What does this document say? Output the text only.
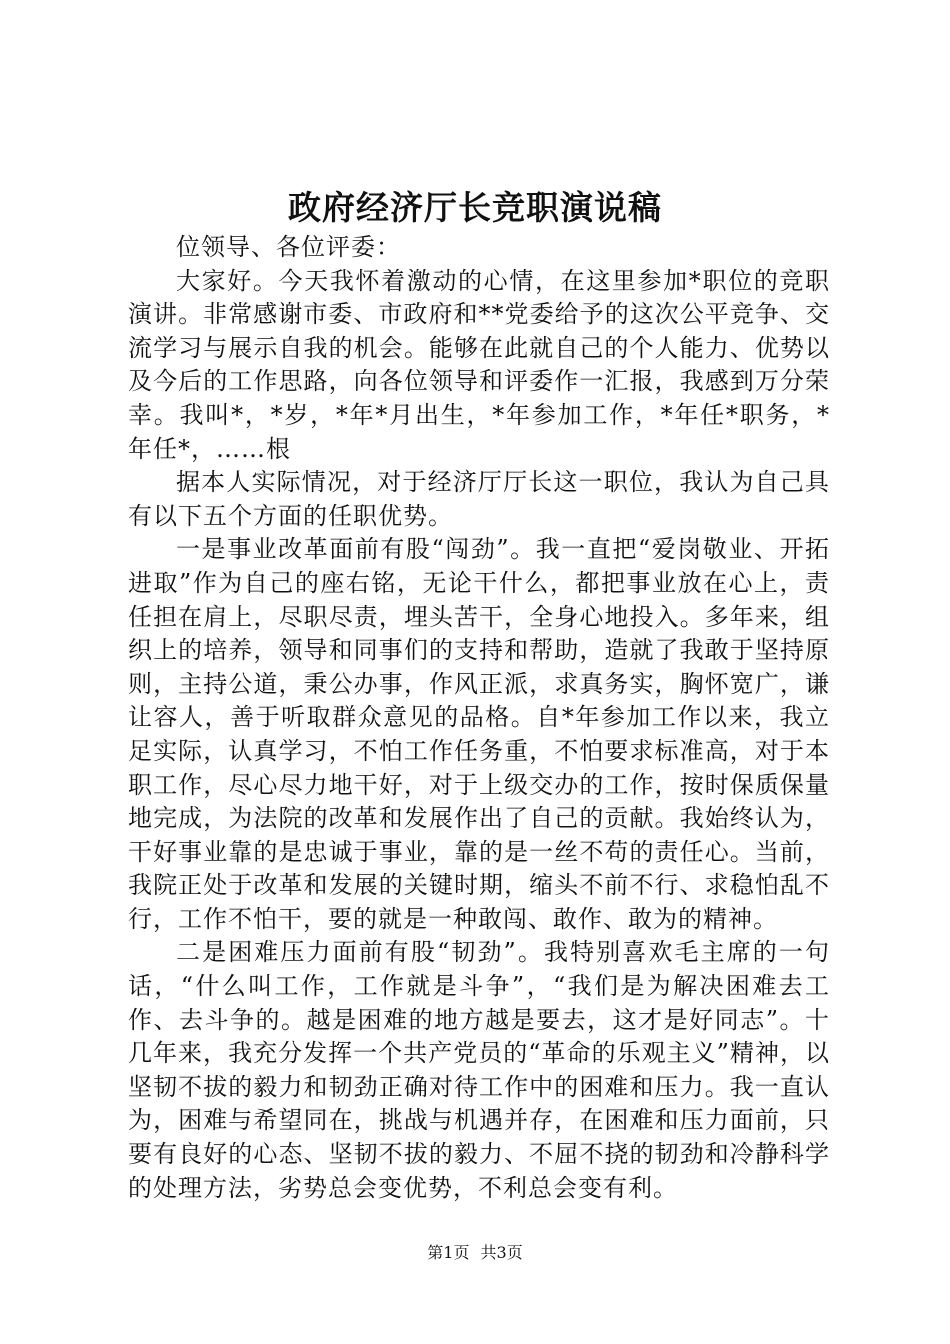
政府经济厅长竞职演说稿

位领导、各位评委：

大家好。今天我怀着激动的心情，在这里参加*职位的竞职演讲。非常感谢市委、市政府和**党委给予的这次公平竞争、交流学习与展示自我的机会。能够在此就自己的个人能力、优势以及今后的工作思路，向各位领导和评委作一汇报，我感到万分荣幸。我叫*，*岁，*年*月出生，*年参加工作，*年任*职务，*年任*，……根

据本人实际情况，对于经济厅厅长这一职位，我认为自己具有以下五个方面的任职优势。

一是事业改革面前有股“闯劲”。我一直把“爱岗敬业、开拓进取”作为自己的座右铭，无论干什么，都把事业放在心上，责任担在肩上，尽职尽责，埋头苦干，全身心地投入。多年来，组织上的培养，领导和同事们的支持和帮助，造就了我敢于坚持原则，主持公道，秉公办事，作风正派，求真务实，胸怀宽广，谦让容人，善于听取群众意见的品格。自*年参加工作以来，我立足实际，认真学习，不怕工作任务重，不怕要求标准高，对于本职工作，尽心尽力地干好，对于上级交办的工作，按时保质保量地完成，为法院的改革和发展作出了自己的贡献。我始终认为，干好事业靠的是忠诚于事业，靠的是一丝不苟的责任心。当前，我院正处于改革和发展的关键时期，缩头不前不行、求稳怕乱不行，工作不怕干，要的就是一种敢闯、敢作、敢为的精神。

二是困难压力面前有股“韧劲”。我特别喜欢毛主席的一句话，“什么叫工作，工作就是斗争”，“我们是为解决困难去工作、去斗争的。越是困难的地方越是要去，这才是好同志”。十几年来，我充分发挥一个共产党员的“革命的乐观主义”精神，以坚韧不拔的毅力和韧劲正确对待工作中的困难和压力。我一直认为，困难与希望同在，挑战与机遇并存，在困难和压力面前，只要有良好的心态、坚韧不拔的毅力、不屈不挠的韧劲和冷静科学的处理方法，劣势总会变优势，不利总会变有利。

第1页 共3页
